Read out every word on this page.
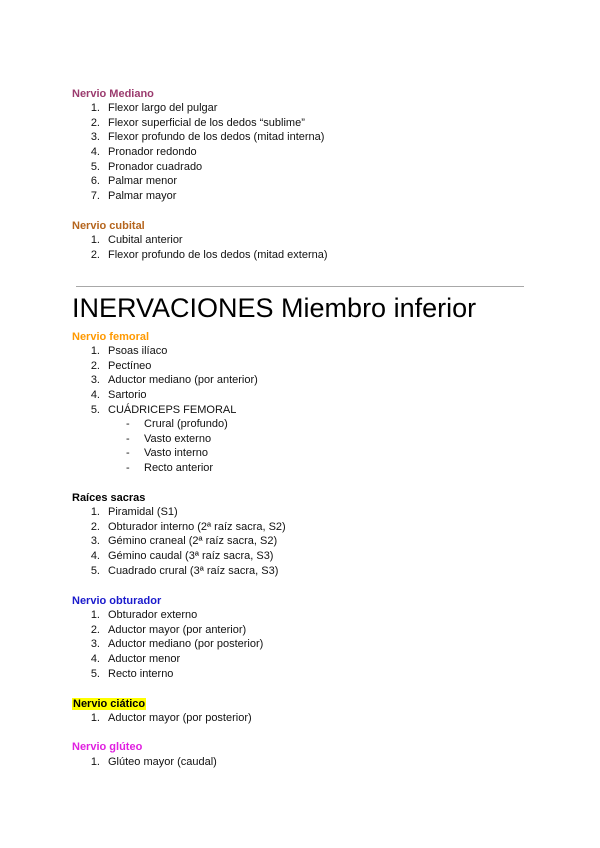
Nervio Mediano
1. Flexor largo del pulgar
2. Flexor superficial de los dedos “sublime”
3. Flexor profundo de los dedos (mitad interna)
4. Pronador redondo
5. Pronador cuadrado
6. Palmar menor
7. Palmar mayor
Nervio cubital
1. Cubital anterior
2. Flexor profundo de los dedos (mitad externa)
INERVACIONES Miembro inferior
Nervio femoral
1. Psoas ilíaco
2. Pectíneo
3. Aductor mediano (por anterior)
4. Sartorio
5. CUÁDRICEPS FEMORAL
- Crural (profundo)
- Vasto externo
- Vasto interno
- Recto anterior
Raíces sacras
1. Piramidal (S1)
2. Obturador interno (2ª raíz sacra, S2)
3. Gémino craneal (2ª raíz sacra, S2)
4. Gémino caudal (3ª raíz sacra, S3)
5. Cuadrado crural (3ª raíz sacra, S3)
Nervio obturador
1. Obturador externo
2. Aductor mayor (por anterior)
3. Aductor mediano (por posterior)
4. Aductor menor
5. Recto interno
Nervio ciático
1. Aductor mayor (por posterior)
Nervio glúteo
1. Glúteo mayor (caudal)
